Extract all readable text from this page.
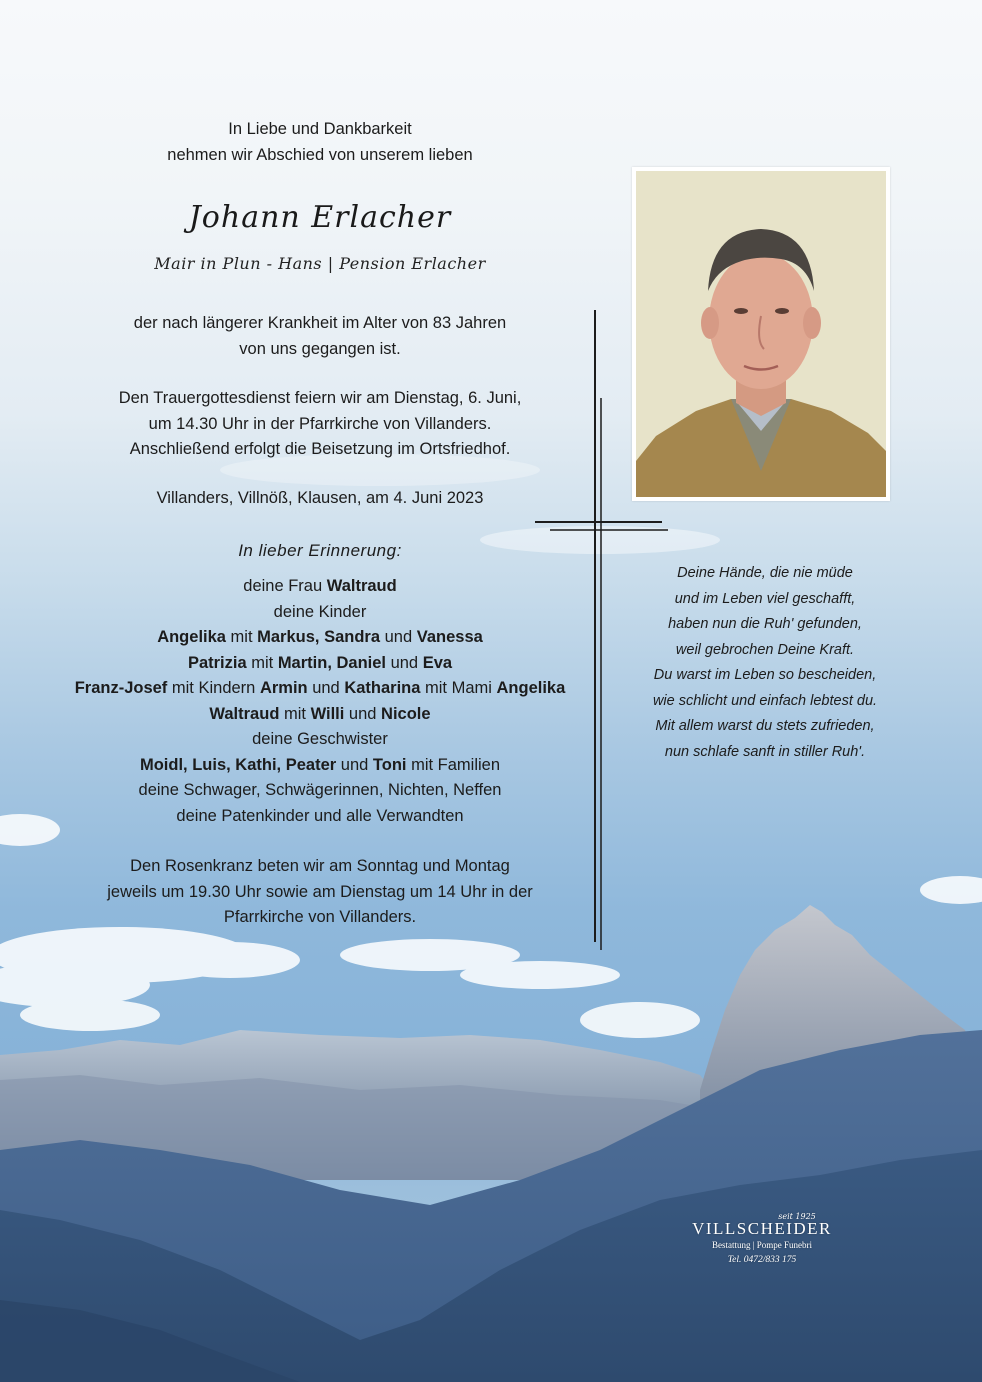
In Liebe und Dankbarkeit
nehmen wir Abschied von unserem lieben
Johann Erlacher
Mair in Plun - Hans | Pension Erlacher
der nach längerer Krankheit im Alter von 83 Jahren
von uns gegangen ist.
Den Trauergottesdienst feiern wir am Dienstag, 6. Juni,
um 14.30 Uhr in der Pfarrkirche von Villanders.
Anschließend erfolgt die Beisetzung im Ortsfriedhof.
Villanders, Villnöß, Klausen, am 4. Juni 2023
In lieber Erinnerung:
deine Frau Waltraud
deine Kinder
Angelika mit Markus, Sandra und Vanessa
Patrizia mit Martin, Daniel und Eva
Franz-Josef mit Kindern Armin und Katharina mit Mami Angelika
Waltraud mit Willi und Nicole
deine Geschwister
Moidl, Luis, Kathi, Peater und Toni mit Familien
deine Schwager, Schwägerinnen, Nichten, Neffen
deine Patenkinder und alle Verwandten
Den Rosenkranz beten wir am Sonntag und Montag
jeweils um 19.30 Uhr sowie am Dienstag um 14 Uhr in der
Pfarrkirche von Villanders.
Deine Hände, die nie müde
und im Leben viel geschafft,
haben nun die Ruh' gefunden,
weil gebrochen Deine Kraft.
Du warst im Leben so bescheiden,
wie schlicht und einfach lebtest du.
Mit allem warst du stets zufrieden,
nun schlafe sanft in stiller Ruh'.
seit 1925
VILLSCHEIDER
Bestattung | Pompe Funebri
Tel. 0472/833 175
